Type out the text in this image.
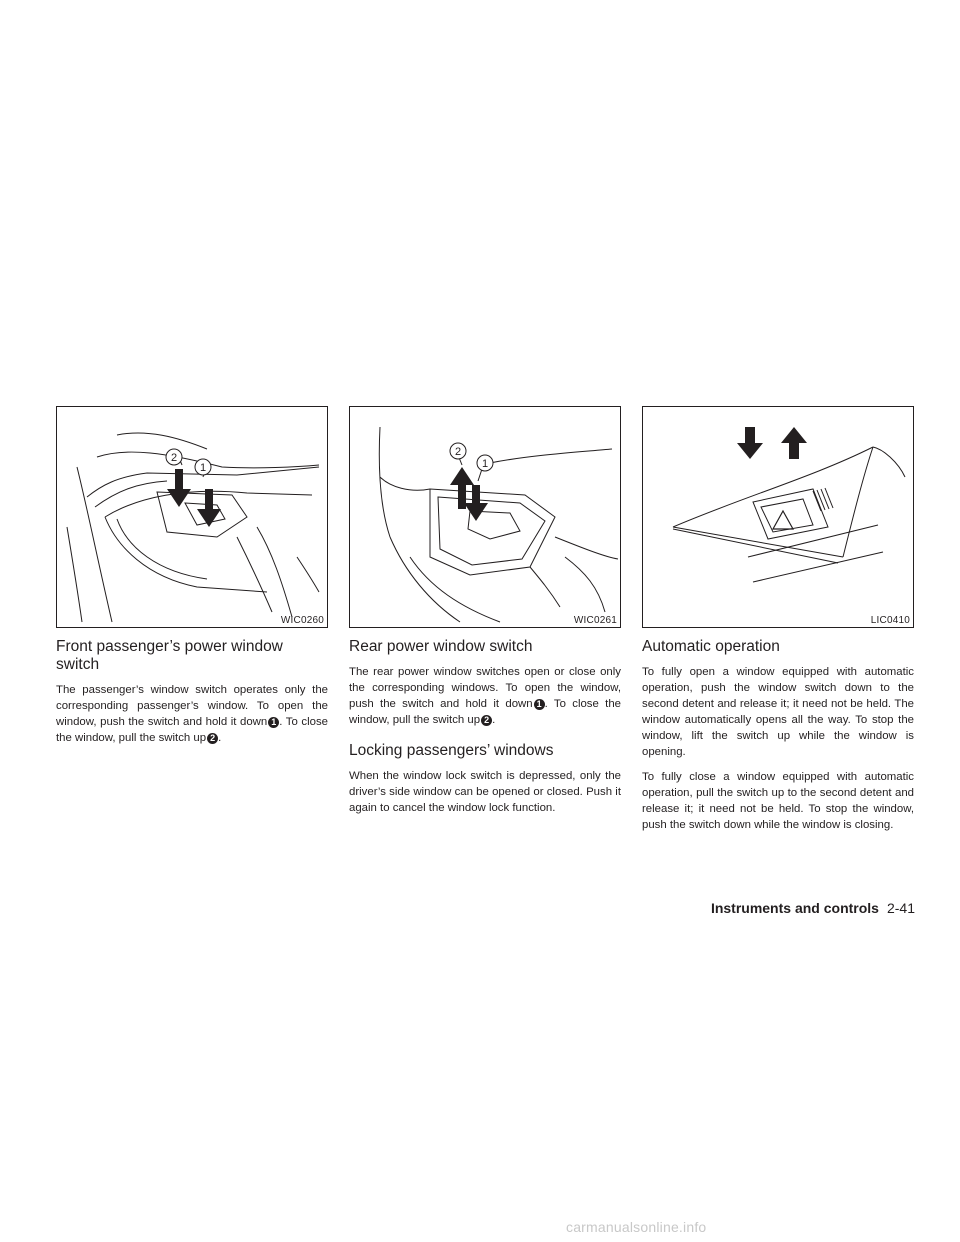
2
1
WIC0260
Front passenger’s power window switch

The passenger’s window switch operates only the corresponding passenger’s window. To open the window, push the switch and hold it down 1 . To close the window, pull the switch up 2 .

2
1
WIC0261
Rear power window switch

The rear power window switches open or close only the corresponding windows. To open the window, push the switch and hold it down 1 . To close the window, pull the switch up 2 .

Locking passengers’ windows

When the window lock switch is depressed, only the driver’s side window can be opened or closed. Push it again to cancel the window lock function.

LIC0410
Automatic operation

To fully open a window equipped with automatic operation, push the window switch down to the second detent and release it; it need not be held. The window automatically opens all the way. To stop the window, lift the switch up while the window is opening.

To fully close a window equipped with automatic operation, pull the switch up to the second detent and release it; it need not be held. To stop the window, push the switch down while the window is closing.

Instruments and controls 2-41
carmanualsonline.info
